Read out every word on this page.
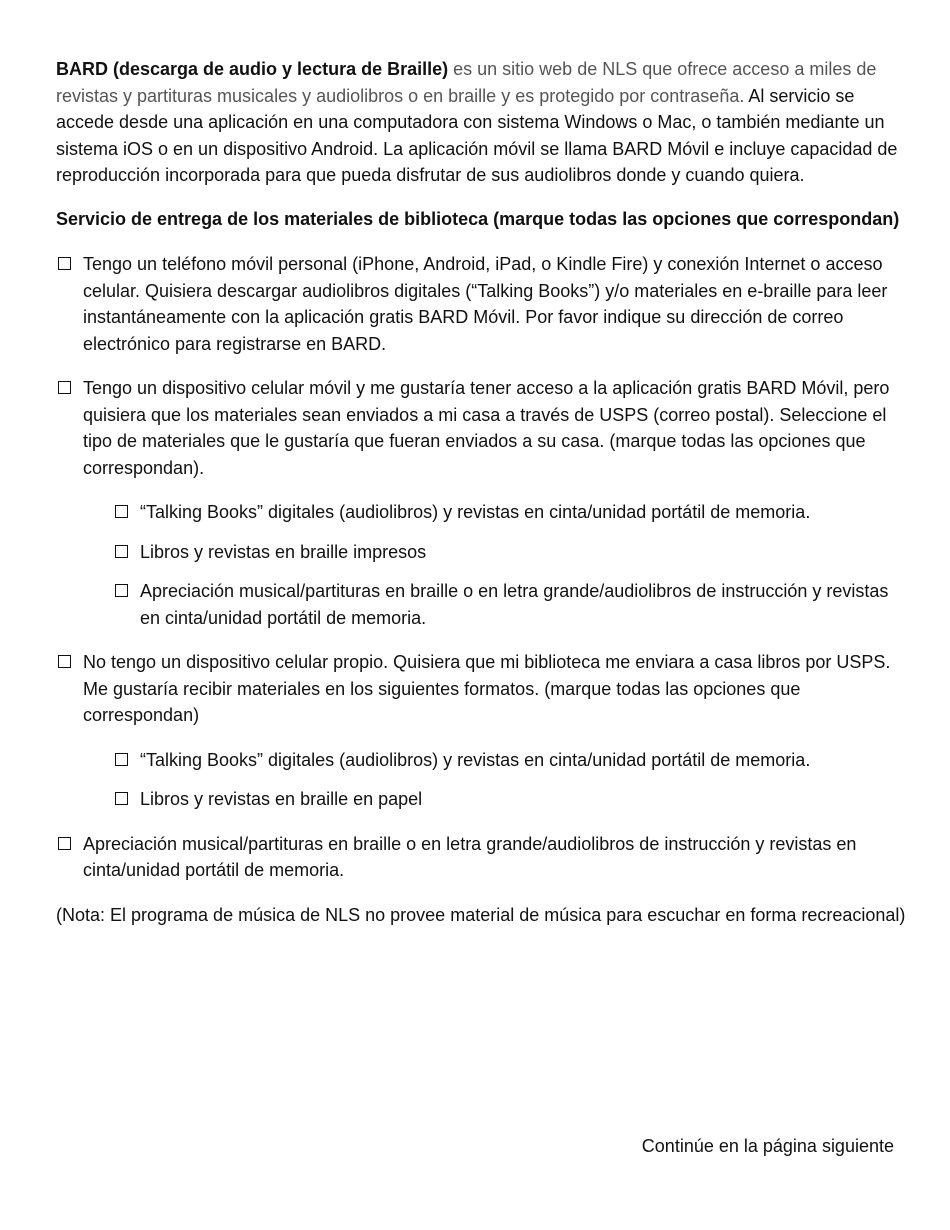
BARD (descarga de audio y lectura de Braille) es un sitio web de NLS que ofrece acceso a miles de revistas y partituras musicales y audiolibros o en braille y es protegido por contraseña. Al servicio se accede desde una aplicación en una computadora con sistema Windows o Mac, o también mediante un sistema iOS o en un dispositivo Android. La aplicación móvil se llama BARD Móvil e incluye capacidad de reproducción incorporada para que pueda disfrutar de sus audiolibros donde y cuando quiera.

Servicio de entrega de los materiales de biblioteca (marque todas las opciones que correspondan)

Tengo un teléfono móvil personal (iPhone, Android, iPad, o Kindle Fire) y conexión Internet o acceso celular. Quisiera descargar audiolibros digitales (“Talking Books”) y/o materiales en e-braille para leer instantáneamente con la aplicación gratis BARD Móvil. Por favor indique su dirección de correo electrónico para registrarse en BARD.
Tengo un dispositivo celular móvil y me gustaría tener acceso a la aplicación gratis BARD Móvil, pero quisiera que los materiales sean enviados a mi casa a través de USPS (correo postal). Seleccione el tipo de materiales que le gustaría que fueran enviados a su casa. (marque todas las opciones que correspondan).
“Talking Books” digitales (audiolibros) y revistas en cinta/unidad portátil de memoria.
Libros y revistas en braille impresos
Apreciación musical/partituras en braille o en letra grande/audiolibros de instrucción y revistas en cinta/unidad portátil de memoria.
No tengo un dispositivo celular propio. Quisiera que mi biblioteca me enviara a casa libros por USPS. Me gustaría recibir materiales en los siguientes formatos. (marque todas las opciones que correspondan)
“Talking Books” digitales (audiolibros) y revistas en cinta/unidad portátil de memoria.
Libros y revistas en braille en papel
Apreciación musical/partituras en braille o en letra grande/audiolibros de instrucción y revistas en cinta/unidad portátil de memoria.

(Nota: El programa de música de NLS no provee material de música para escuchar en forma recreacional)

Continúe en la página siguiente
